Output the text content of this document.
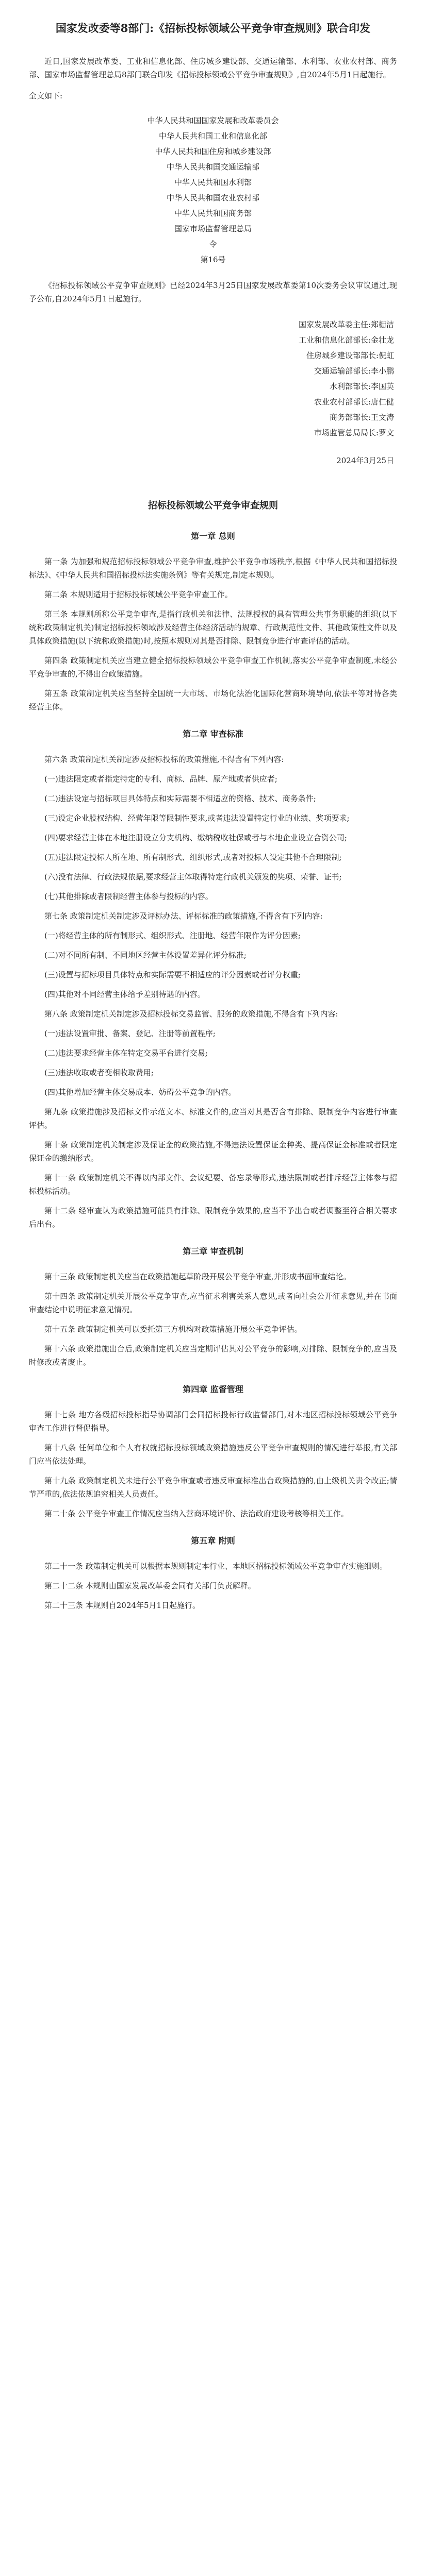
国家发改委等8部门:《招标投标领域公平竞争审查规则》联合印发

近日,国家发展改革委、工业和信息化部、住房城乡建设部、交通运输部、水利部、农业农村部、商务部、国家市场监督管理总局8部门联合印发《招标投标领域公平竞争审查规则》,自2024年5月1日起施行。

全文如下:

中华人民共和国国家发展和改革委员会
中华人民共和国工业和信息化部
中华人民共和国住房和城乡建设部
中华人民共和国交通运输部
中华人民共和国水利部
中华人民共和国农业农村部
中华人民共和国商务部
国家市场监督管理总局
令
第16号

《招标投标领域公平竞争审查规则》已经2024年3月25日国家发展改革委第10次委务会议审议通过,现予公布,自2024年5月1日起施行。

国家发展改革委主任:郑栅洁
工业和信息化部部长:金壮龙
住房城乡建设部部长:倪虹
交通运输部部长:李小鹏
水利部部长:李国英
农业农村部部长:唐仁健
商务部部长:王文涛
市场监管总局局长:罗文
2024年3月25日
招标投标领域公平竞争审查规则
第一章 总则

第一条 为加强和规范招标投标领域公平竞争审查,维护公平竞争市场秩序,根据《中华人民共和国招标投标法》、《中华人民共和国招标投标法实施条例》等有关规定,制定本规则。

第二条 本规则适用于招标投标领域公平竞争审查工作。

第三条 本规则所称公平竞争审查,是指行政机关和法律、法规授权的具有管理公共事务职能的组织(以下统称政策制定机关)制定招标投标领域涉及经营主体经济活动的规章、行政规范性文件、其他政策性文件以及具体政策措施(以下统称政策措施)时,按照本规则对其是否排除、限制竞争进行审查评估的活动。

第四条 政策制定机关应当建立健全招标投标领域公平竞争审查工作机制,落实公平竞争审查制度,未经公平竞争审查的,不得出台政策措施。

第五条 政策制定机关应当坚持全国统一大市场、市场化法治化国际化营商环境导向,依法平等对待各类经营主体。

第二章 审查标准

第六条 政策制定机关制定涉及招标投标的政策措施,不得含有下列内容:

(一)违法限定或者指定特定的专利、商标、品牌、原产地或者供应者;

(二)违法设定与招标项目具体特点和实际需要不相适应的资格、技术、商务条件;

(三)设定企业股权结构、经营年限等限制性要求,或者违法设置特定行业的业绩、奖项要求;

(四)要求经营主体在本地注册设立分支机构、缴纳税收社保或者与本地企业设立合资公司;

(五)违法限定投标人所在地、所有制形式、组织形式,或者对投标人设定其他不合理限制;

(六)没有法律、行政法规依据,要求经营主体取得特定行政机关颁发的奖项、荣誉、证书;

(七)其他排除或者限制经营主体参与投标的内容。

第七条 政策制定机关制定涉及评标办法、评标标准的政策措施,不得含有下列内容:

(一)将经营主体的所有制形式、组织形式、注册地、经营年限作为评分因素;

(二)对不同所有制、不同地区经营主体设置差异化评分标准;

(三)设置与招标项目具体特点和实际需要不相适应的评分因素或者评分权重;

(四)其他对不同经营主体给予差别待遇的内容。

第八条 政策制定机关制定涉及招标投标交易监管、服务的政策措施,不得含有下列内容:

(一)违法设置审批、备案、登记、注册等前置程序;

(二)违法要求经营主体在特定交易平台进行交易;

(三)违法收取或者变相收取费用;

(四)其他增加经营主体交易成本、妨碍公平竞争的内容。

第九条 政策措施涉及招标文件示范文本、标准文件的,应当对其是否含有排除、限制竞争内容进行审查评估。

第十条 政策制定机关制定涉及保证金的政策措施,不得违法设置保证金种类、提高保证金标准或者限定保证金的缴纳形式。

第十一条 政策制定机关不得以内部文件、会议纪要、备忘录等形式,违法限制或者排斥经营主体参与招标投标活动。

第十二条 经审查认为政策措施可能具有排除、限制竞争效果的,应当不予出台或者调整至符合相关要求后出台。

第三章 审查机制

第十三条 政策制定机关应当在政策措施起草阶段开展公平竞争审查,并形成书面审查结论。

第十四条 政策制定机关开展公平竞争审查,应当征求利害关系人意见,或者向社会公开征求意见,并在书面审查结论中说明征求意见情况。

第十五条 政策制定机关可以委托第三方机构对政策措施开展公平竞争评估。

第十六条 政策措施出台后,政策制定机关应当定期评估其对公平竞争的影响,对排除、限制竞争的,应当及时修改或者废止。

第四章 监督管理

第十七条 地方各级招标投标指导协调部门会同招标投标行政监督部门,对本地区招标投标领域公平竞争审查工作进行督促指导。

第十八条 任何单位和个人有权就招标投标领域政策措施违反公平竞争审查规则的情况进行举报,有关部门应当依法处理。

第十九条 政策制定机关未进行公平竞争审查或者违反审查标准出台政策措施的,由上级机关责令改正;情节严重的,依法依规追究相关人员责任。

第二十条 公平竞争审查工作情况应当纳入营商环境评价、法治政府建设考核等相关工作。

第五章 附则

第二十一条 政策制定机关可以根据本规则制定本行业、本地区招标投标领域公平竞争审查实施细则。

第二十二条 本规则由国家发展改革委会同有关部门负责解释。

第二十三条 本规则自2024年5月1日起施行。
